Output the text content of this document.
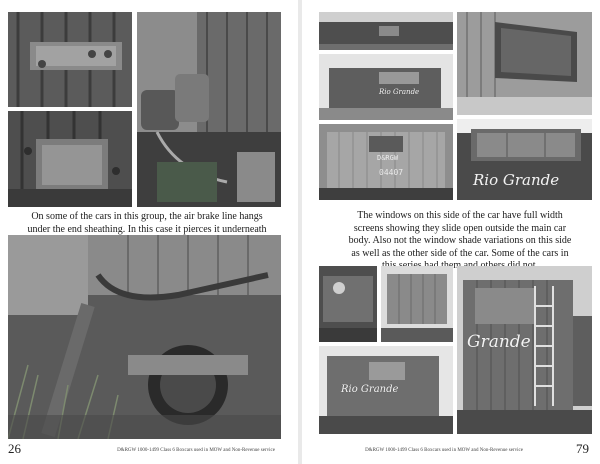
On some of the cars in this group, the air brake line hangs under the end sheathing. In this case it pierces it underneath
26	D&RGW 1000-1499 Class 6 Boxcars used in MOW and Non-Revenue service
Rio Grande
D&RGW
04407	Rio Grande
The windows on this side of the car have full width screens showing they slide open outside the main car body. Also not the window shade variations on this side as well as the other side of the car. Some of the cars in
Rio Grande
Grande
79
D&RGW 1000-1499 Class 6 Boxcars used in MOW and Non-Revenue service
